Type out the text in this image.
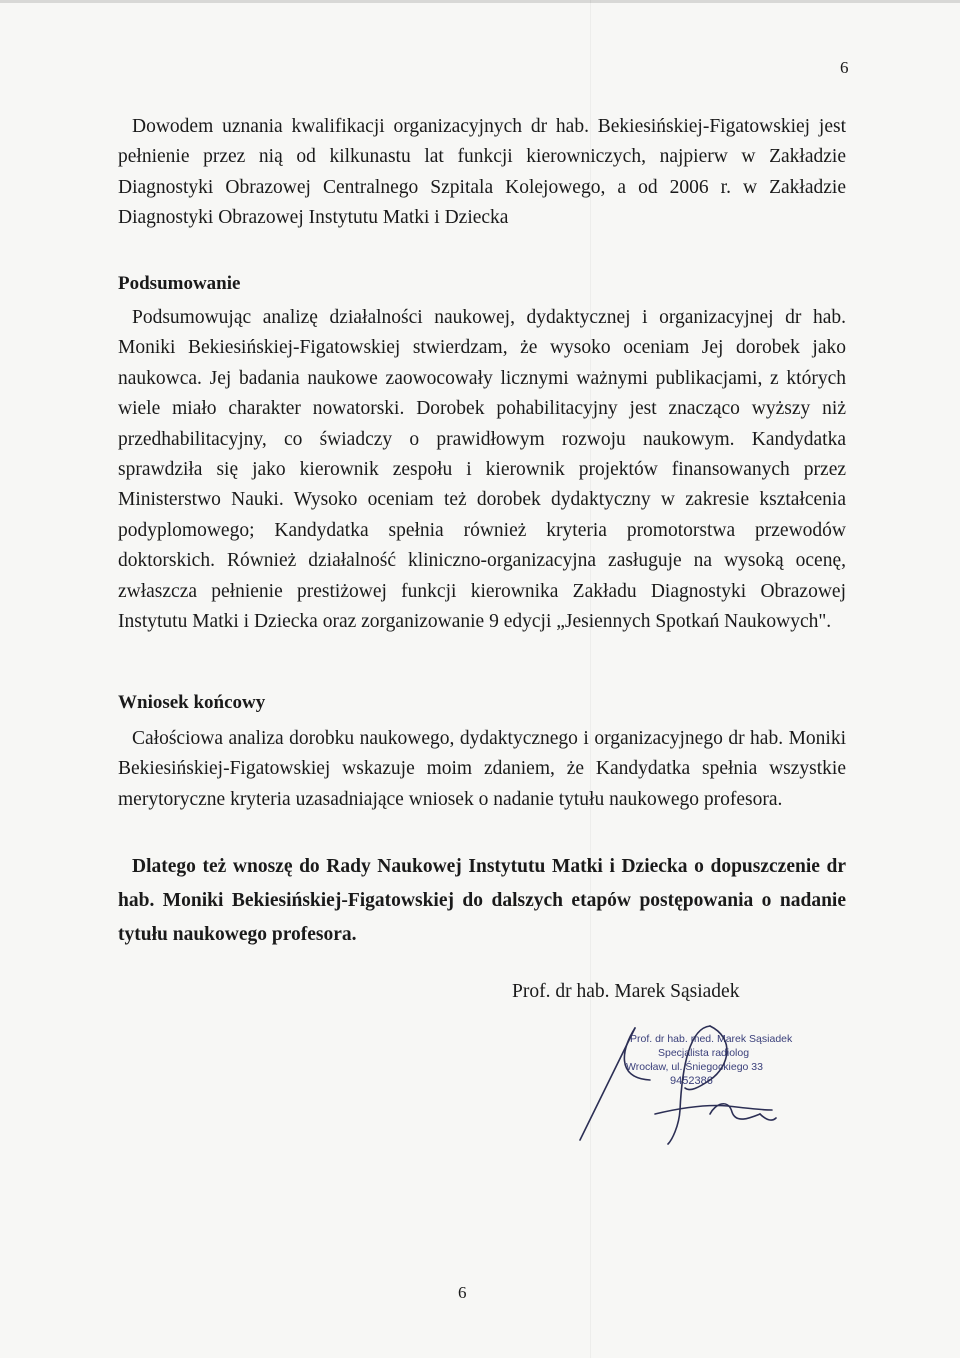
6

Dowodem uznania kwalifikacji organizacyjnych dr hab. Bekiesińskiej-Figatowskiej jest pełnienie przez nią od kilkunastu lat funkcji kierowniczych, najpierw w Zakładzie Diagnostyki Obrazowej Centralnego Szpitala Kolejowego, a od 2006 r. w Zakładzie Diagnostyki Obrazowej Instytutu Matki i Dziecka

Podsumowanie

Podsumowując analizę działalności naukowej, dydaktycznej i organizacyjnej dr hab. Moniki Bekiesińskiej-Figatowskiej stwierdzam, że wysoko oceniam Jej dorobek jako naukowca. Jej badania naukowe zaowocowały licznymi ważnymi publikacjami, z których wiele miało charakter nowatorski. Dorobek pohabilitacyjny jest znacząco wyższy niż przedhabilitacyjny, co świadczy o prawidłowym rozwoju naukowym. Kandydatka sprawdziła się jako kierownik zespołu i kierownik projektów finansowanych przez Ministerstwo Nauki. Wysoko oceniam też dorobek dydaktyczny w zakresie kształcenia podyplomowego; Kandydatka spełnia również kryteria promotorstwa przewodów doktorskich. Również działalność kliniczno-organizacyjna zasługuje na wysoką ocenę, zwłaszcza pełnienie prestiżowej funkcji kierownika Zakładu Diagnostyki Obrazowej Instytutu Matki i Dziecka oraz zorganizowanie 9 edycji „Jesiennych Spotkań Naukowych".

Wniosek końcowy

Całościowa analiza dorobku naukowego, dydaktycznego i organizacyjnego dr hab. Moniki Bekiesińskiej-Figatowskiej wskazuje moim zdaniem, że Kandydatka spełnia wszystkie merytoryczne kryteria uzasadniające wniosek o nadanie tytułu naukowego profesora.

Dlatego też wnoszę do Rady Naukowej Instytutu Matki i Dziecka o dopuszczenie dr hab. Moniki Bekiesińskiej-Figatowskiej do dalszych etapów postępowania o nadanie tytułu naukowego profesora.

Prof. dr hab. Marek Sąsiadek
Prof. dr hab. med. Marek Sąsiadek
Specjalista radiolog
Wrocław, ul. Śniegockiego 33
9452386
6
